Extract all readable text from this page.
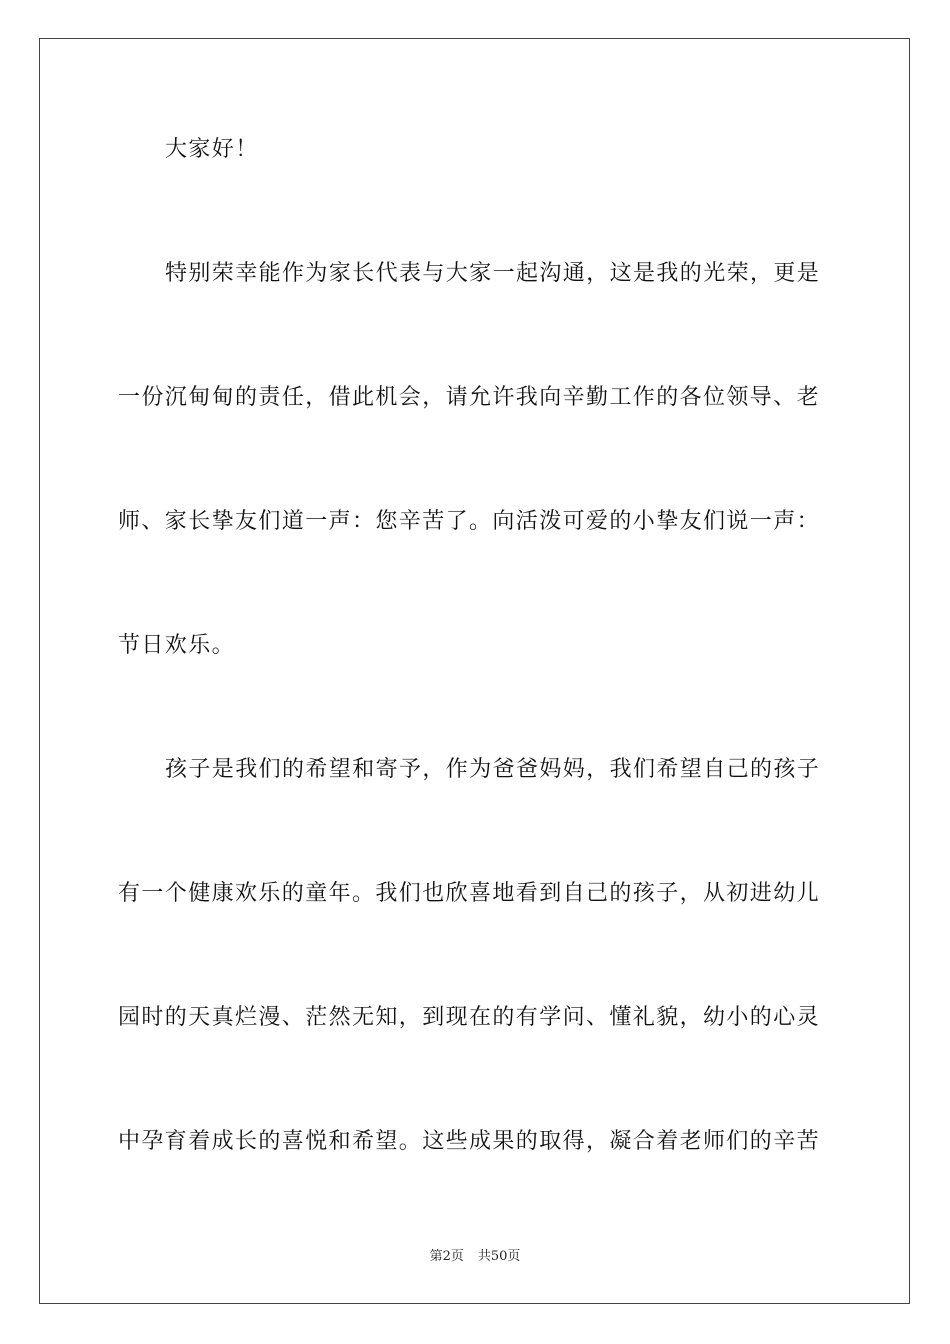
大家好！
特别荣幸能作为家长代表与大家一起沟通，这是我的光荣，更是
一份沉甸甸的责任，借此机会，请允许我向辛勤工作的各位领导、老
师、家长挚友们道一声：您辛苦了。向活泼可爱的小挚友们说一声：
节日欢乐。
孩子是我们的希望和寄予，作为爸爸妈妈，我们希望自己的孩子
有一个健康欢乐的童年。我们也欣喜地看到自己的孩子，从初进幼儿
园时的天真烂漫、茫然无知，到现在的有学问、懂礼貌，幼小的心灵
中孕育着成长的喜悦和希望。这些成果的取得，凝合着老师们的辛苦
第2页 共50页
